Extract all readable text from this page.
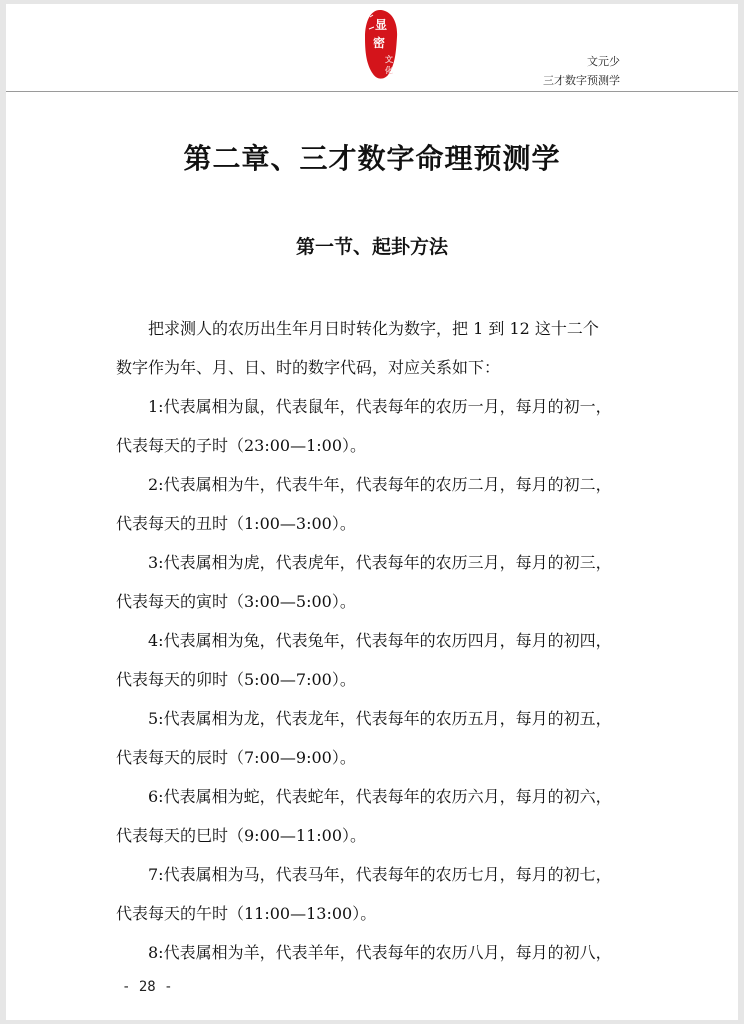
显
密
文
化
文元少
三才数字预测学
第二章、三才数字命理预测学
第一节、起卦方法
把求测人的农历出生年月日时转化为数字，把 1 到 12 这十二个
数字作为年、月、日、时的数字代码，对应关系如下：
1:代表属相为鼠，代表鼠年，代表每年的农历一月，每月的初一，
代表每天的子时（23:00—1:00）。
2:代表属相为牛，代表牛年，代表每年的农历二月，每月的初二，
代表每天的丑时（1:00—3:00）。
3:代表属相为虎，代表虎年，代表每年的农历三月，每月的初三，
代表每天的寅时（3:00—5:00）。
4:代表属相为兔，代表兔年，代表每年的农历四月，每月的初四，
代表每天的卯时（5:00—7:00）。
5:代表属相为龙，代表龙年，代表每年的农历五月，每月的初五，
代表每天的辰时（7:00—9:00）。
6:代表属相为蛇，代表蛇年，代表每年的农历六月，每月的初六，
代表每天的巳时（9:00—11:00）。
7:代表属相为马，代表马年，代表每年的农历七月，每月的初七，
代表每天的午时（11:00—13:00）。
8:代表属相为羊，代表羊年，代表每年的农历八月，每月的初八，
- 28 -
